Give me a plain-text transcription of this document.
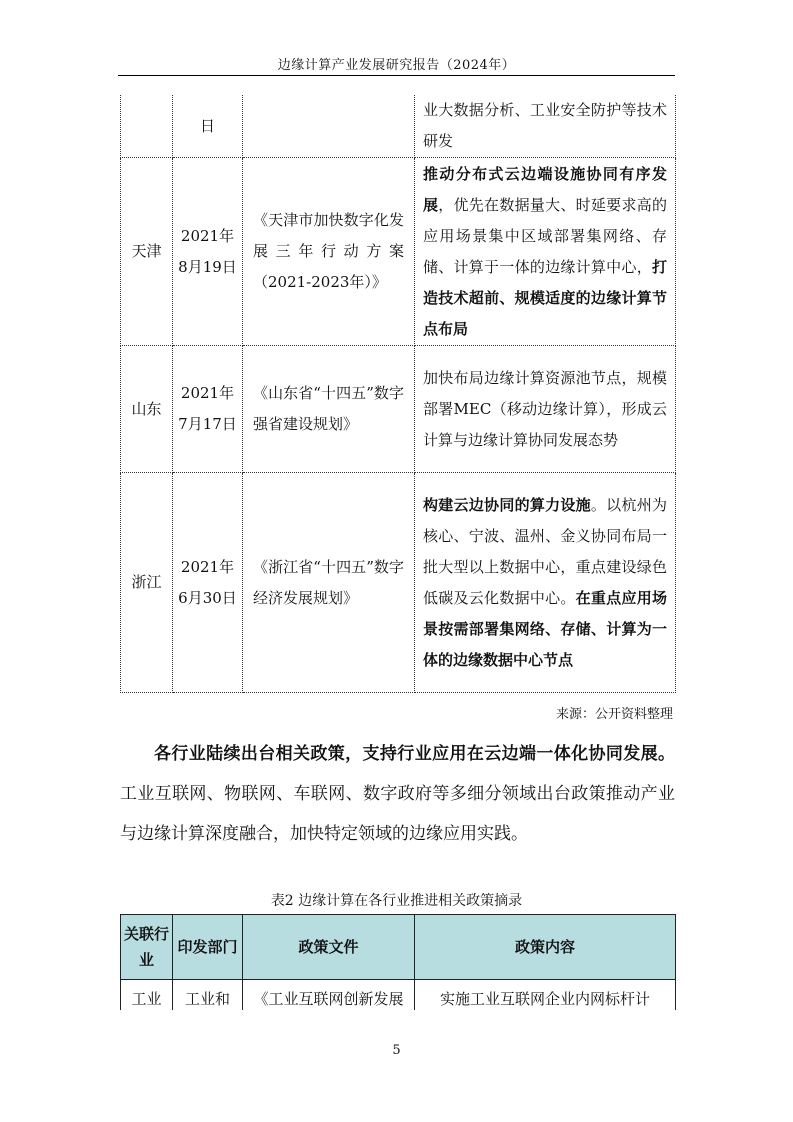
边缘计算产业发展研究报告（2024年）
	日		业大数据分析、工业安全防护等技术研发
天津	2021年8月19日	《天津市加快数字化发展三年行动方案（2021-2023年）》	推动分布式云边端设施协同有序发展，优先在数据量大、时延要求高的应用场景集中区域部署集网络、存储、计算于一体的边缘计算中心，打造技术超前、规模适度的边缘计算节点布局
山东	2021年7月17日	《山东省“十四五”数字强省建设规划》	加快布局边缘计算资源池节点，规模部署MEC（移动边缘计算），形成云计算与边缘计算协同发展态势
浙江	2021年6月30日	《浙江省“十四五”数字经济发展规划》	构建云边协同的算力设施。以杭州为核心、宁波、温州、金义协同布局一批大型以上数据中心，重点建设绿色低碳及云化数据中心。在重点应用场景按需部署集网络、存储、计算为一体的边缘数据中心节点
来源：公开资料整理
各行业陆续出台相关政策，支持行业应用在云边端一体化协同发展。工业互联网、物联网、车联网、数字政府等多细分领域出台政策推动产业与边缘计算深度融合，加快特定领域的边缘应用实践。
表2 边缘计算在各行业推进相关政策摘录
关联行业	印发部门	政策文件	政策内容
工业	工业和	《工业互联网创新发展	实施工业互联网企业内网标杆计
5
